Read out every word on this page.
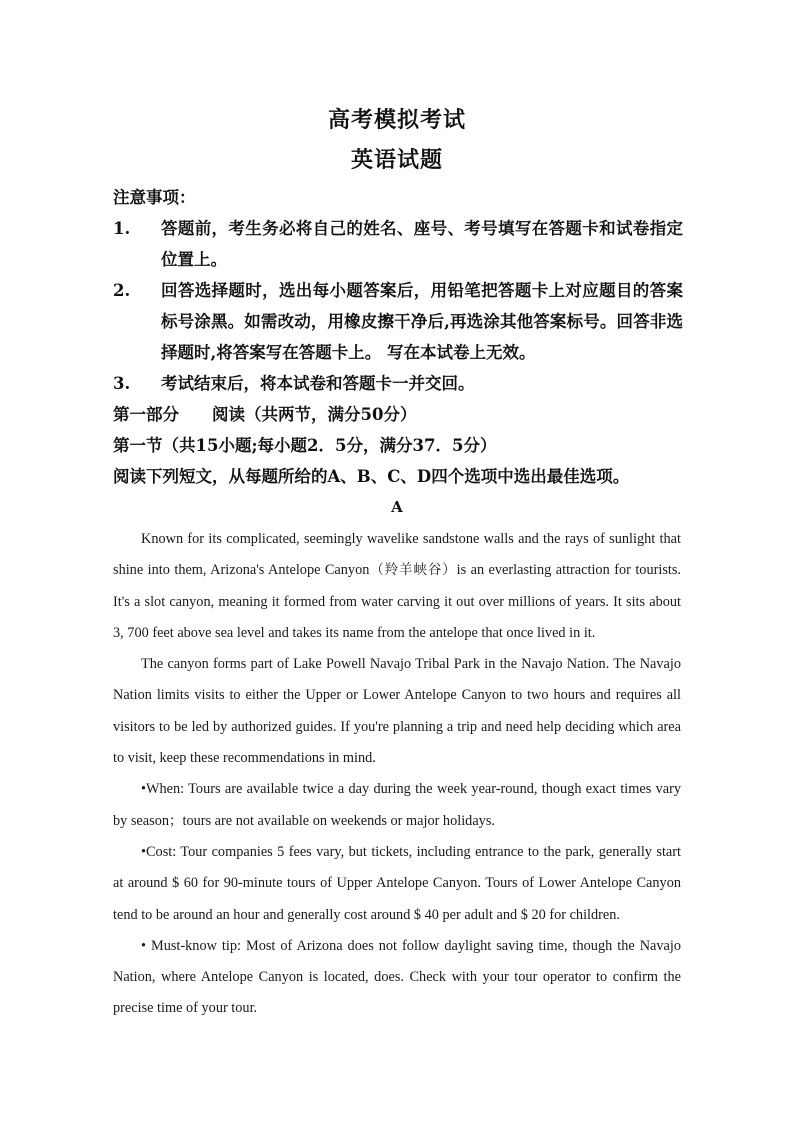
高考模拟考试
英语试题

注意事项：

1.	答题前，考生务必将自己的姓名、座号、考号填写在答题卡和试卷指定位置上。
2.	回答选择题时，选出每小题答案后，用铅笔把答题卡上对应题目的答案标号涂黑。如需改动，用橡皮擦干净后,再选涂其他答案标号。回答非选择题时,将答案写在答题卡上。 写在本试卷上无效。
3.	考试结束后，将本试卷和答题卡一并交回。

第一部分　　阅读（共两节，满分50分）

第一节（共15小题;每小题2．5分，满分37．5分）

阅读下列短文，从每题所给的A、B、C、D四个选项中选出最佳选项。

A

Known for its complicated, seemingly wavelike sandstone walls and the rays of sunlight that shine into them, Arizona's Antelope Canyon（羚羊峡谷）is an everlasting attraction for tourists. It's a slot canyon, meaning it formed from water carving it out over millions of years. It sits about 3, 700 feet above sea level and takes its name from the antelope that once lived in it.

The canyon forms part of Lake Powell Navajo Tribal Park in the Navajo Nation. The Navajo Nation limits visits to either the Upper or Lower Antelope Canyon to two hours and requires all visitors to be led by authorized guides. If you're planning a trip and need help deciding which area to visit, keep these recommendations in mind.

•When: Tours are available twice a day during the week year-round, though exact times vary by season；tours are not available on weekends or major holidays.

•Cost: Tour companies 5 fees vary, but tickets, including entrance to the park, generally start at around $ 60 for 90-minute tours of Upper Antelope Canyon. Tours of Lower Antelope Canyon tend to be around an hour and generally cost around $ 40 per adult and $ 20 for children.

• Must-know tip: Most of Arizona does not follow daylight saving time, though the Navajo Nation, where Antelope Canyon is located, does. Check with your tour operator to confirm the precise time of your tour.
